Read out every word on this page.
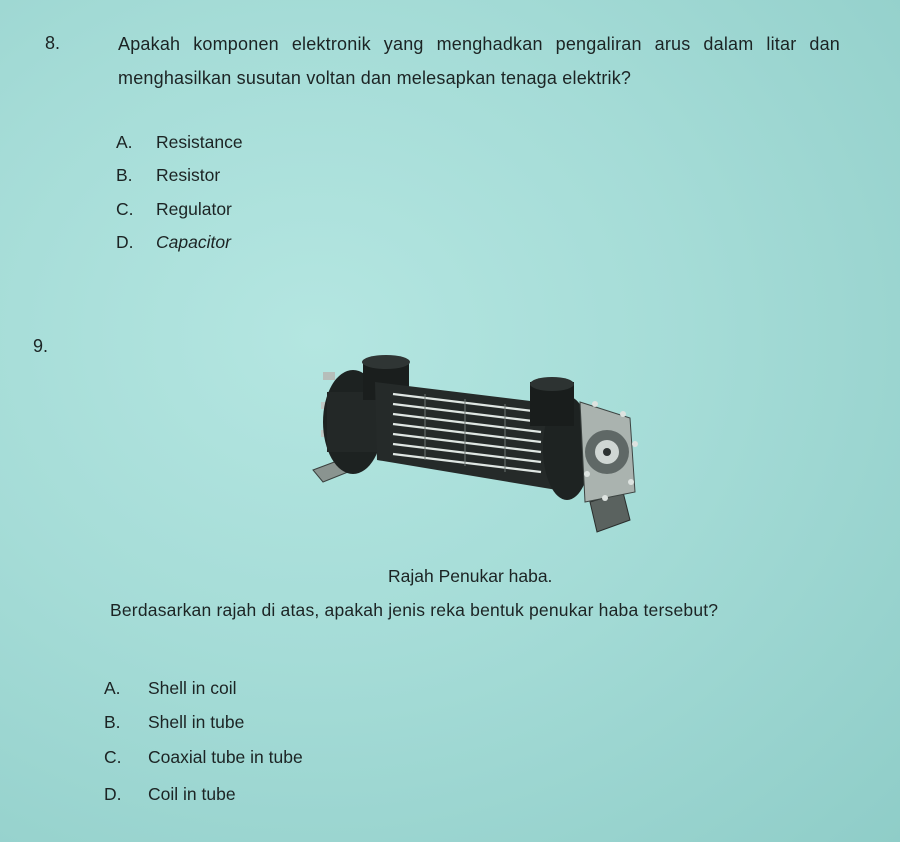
8.	Apakah komponen elektronik yang menghadkan pengaliran arus dalam litar dan
menghasilkan susutan voltan dan melesapkan tenaga elektrik?
A.	Resistance
B.	Resistor
C.	Regulator
D.	Capacitor
9.
Rajah Penukar haba.
Berdasarkan rajah di atas, apakah jenis reka bentuk penukar haba tersebut?
A.	Shell in coil
B.	Shell in tube
C.	Coaxial tube in tube
D.	Coil in tube
